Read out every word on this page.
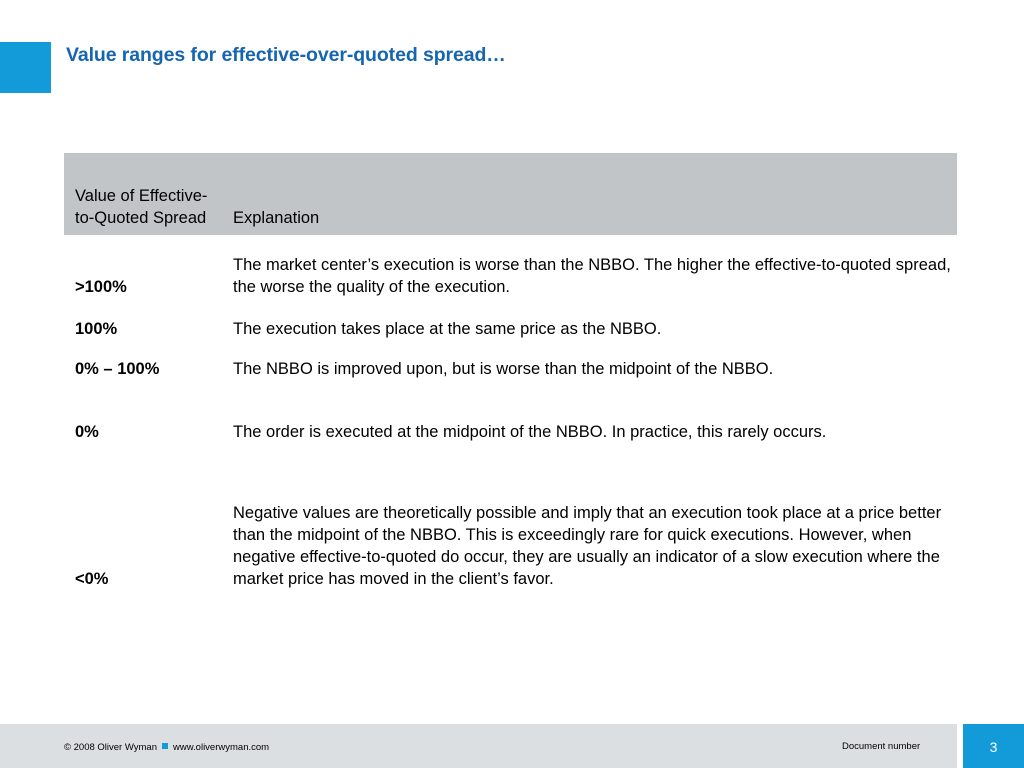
Value ranges for effective-over-quoted spread…
Value of Effective-to-Quoted Spread	Explanation
>100%	The market center’s execution is worse than the NBBO. The higher the effective-to-quoted spread, the worse the quality of the execution.
100%	The execution takes place at the same price as the NBBO.
0% – 100%	The NBBO is improved upon, but is worse than the midpoint of the NBBO.
0%	The order is executed at the midpoint of the NBBO. In practice, this rarely occurs.
<0%	Negative values are theoretically possible and imply that an execution took place at a price better than the midpoint of the NBBO. This is exceedingly rare for quick executions. However, when negative effective-to-quoted do occur, they are usually an indicator of a slow execution where the market price has moved in the client’s favor.
© 2008 Oliver Wyman www.oliverwyman.com	Document number	3
